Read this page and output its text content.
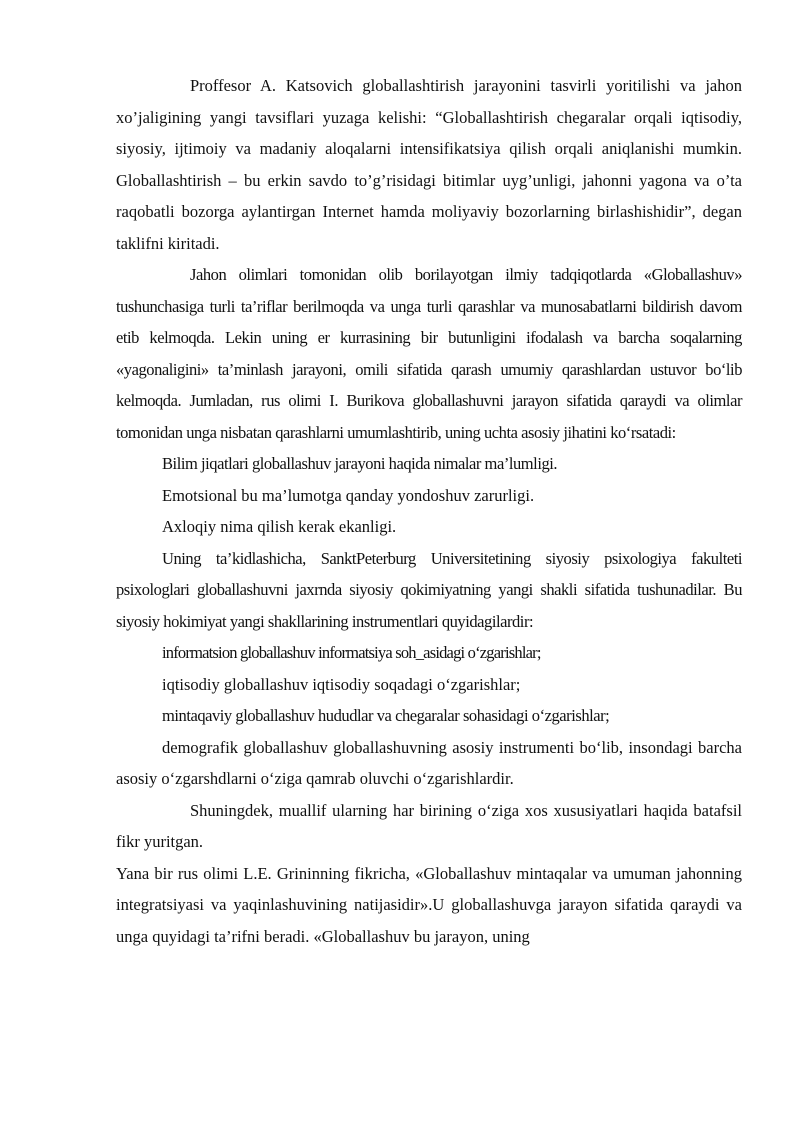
Proffesor A. Katsovich globallashtirish jarayonini tasvirli yoritilishi va jahon xo’jaligining yangi tavsiflari yuzaga kelishi: “Globallashtirish chegaralar orqali iqtisodiy, siyosiy, ijtimoiy va madaniy aloqalarni intensifikatsiya qilish orqali aniqlanishi mumkin. Globallashtirish – bu erkin savdo to’g’risidagi bitimlar uyg’unligi, jahonni yagona va o’ta raqobatli bozorga aylantirgan Internet hamda moliyaviy bozorlarning birlashishidir”, degan taklifni kiritadi.

Jahon olimlari tomonidan olib borilayotgan ilmiy tadqiqotlarda «Globallashuv» tushunchasiga turli ta’riflar berilmoqda va unga turli qarashlar va munosabatlarni bildirish davom etib kelmoqda. Lekin uning er kurrasining bir butunligini ifodalash va barcha soqalarning «yagonaligini» ta’minlash jarayoni, omili sifatida qarash umumiy qarashlardan ustuvor bo‘lib kelmoqda. Jumladan, rus olimi I. Burikova globallashuvni jarayon sifatida qaraydi va olimlar tomonidan unga nisbatan qarashlarni umumlashtirib, uning uchta asosiy jihatini ko‘rsatadi:

Bilim jiqatlari globallashuv jarayoni haqida nimalar ma’lumligi.

Emotsional bu ma’lumotga qanday yondoshuv zarurligi.

Axloqiy nima qilish kerak ekanligi.

Uning ta’kidlashicha, SanktPeterburg Universitetining siyosiy psixologiya fakulteti psixologlari globallashuvni jaxrnda siyosiy qokimiyatning yangi shakli sifatida tushunadilar. Bu siyosiy hokimiyat yangi shakllarining instrumentlari quyidagilardir:

informatsion globallashuv informatsiya soh_asidagi o‘zgarishlar;

iqtisodiy globallashuv iqtisodiy soqadagi o‘zgarishlar;

mintaqaviy globallashuv hududlar va chegaralar sohasidagi o‘zgarishlar;

demografik globallashuv globallashuvning asosiy instrumenti bo‘lib, insondagi barcha asosiy o‘zgarshdlarni o‘ziga qamrab oluvchi o‘zgarishlardir.

Shuningdek, muallif ularning har birining o‘ziga xos xususiyatlari haqida batafsil fikr yuritgan.

Yana bir rus olimi L.E. Grininning fikricha, «Globallashuv mintaqalar va umuman jahonning integratsiyasi va yaqinlashuvining natijasidir».U globallashuvga jarayon sifatida qaraydi va unga quyidagi ta’rifni beradi. «Globallashuv bu jarayon, uning
